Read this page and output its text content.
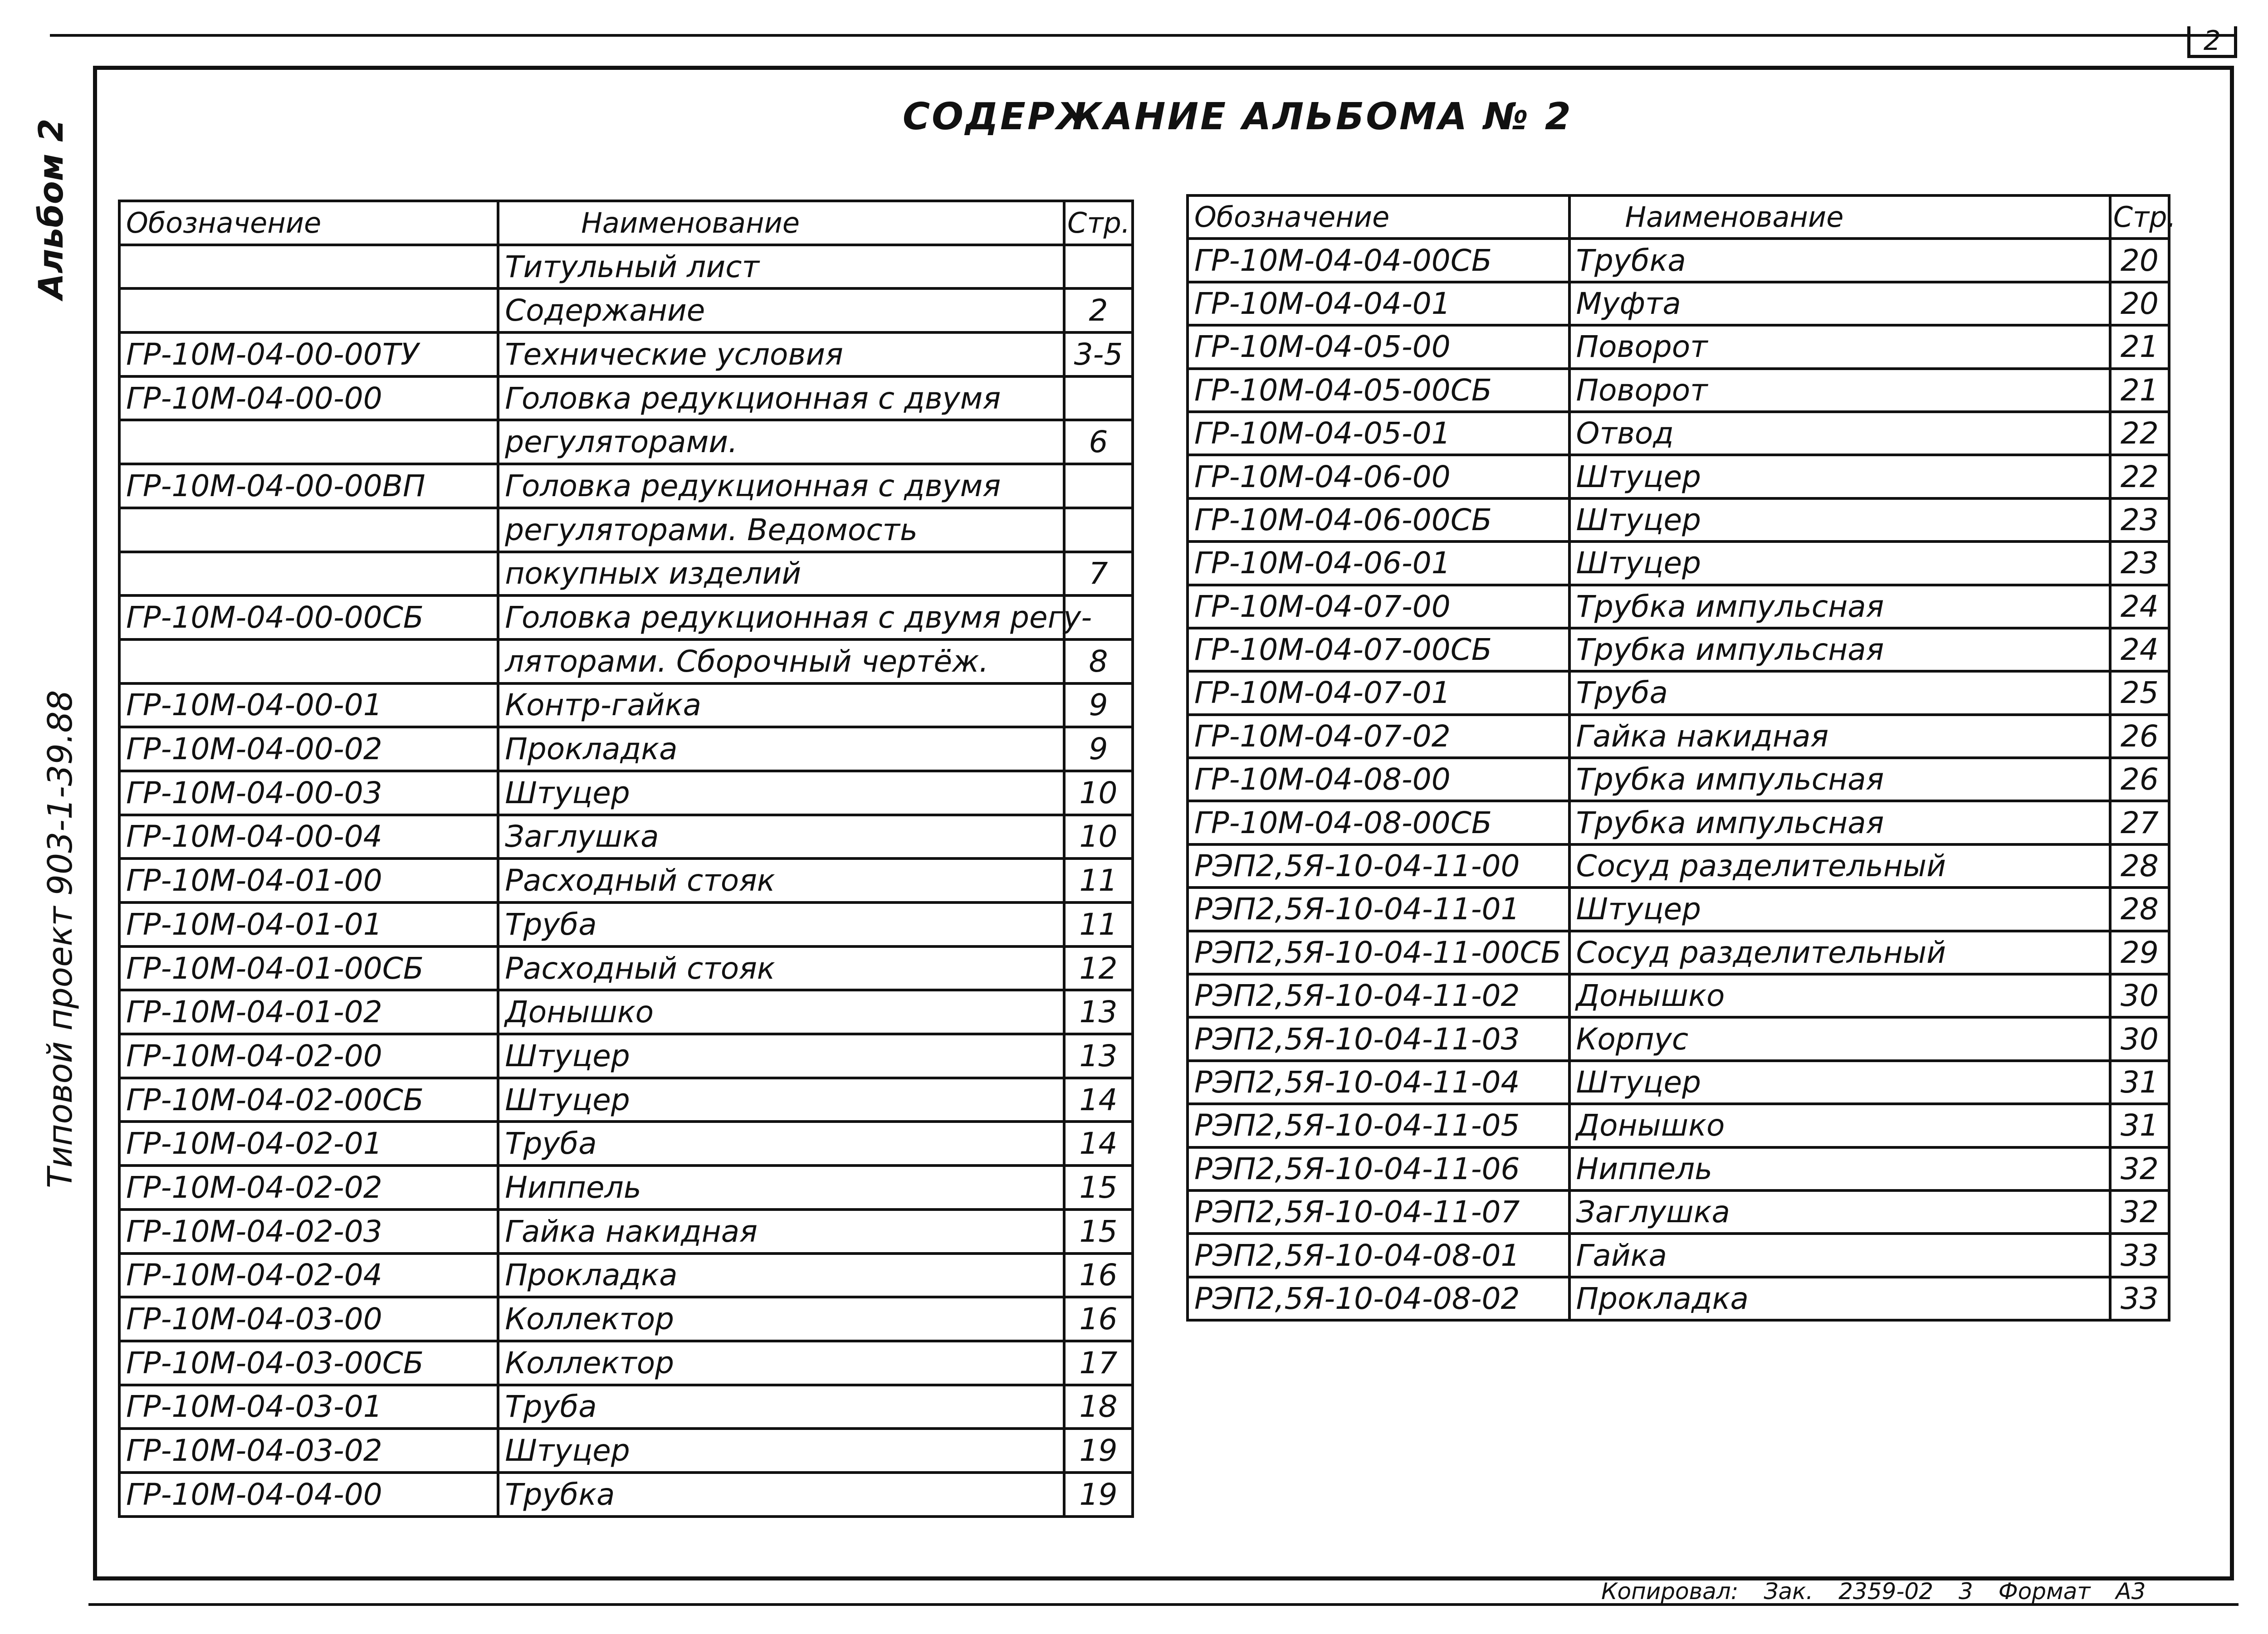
2
Альбом 2
Типовой проект 903-1-39.88
СОДЕРЖАНИЕ АЛЬБОМА № 2
Обозначение	Наименование	Стр.
	Титульный лист	
	Содержание	2
ГР-10М-04-00-00ТУ	Технические условия	3-5
ГР-10М-04-00-00	Головка редукционная с двумя	
	регуляторами.	6
ГР-10М-04-00-00ВП	Головка редукционная с двумя	
	регуляторами. Ведомость	
	покупных изделий	7
ГР-10М-04-00-00СБ	Головка редукционная с двумя регу-	
	ляторами. Сборочный чертёж.	8
ГР-10М-04-00-01	Контр-гайка	9
ГР-10М-04-00-02	Прокладка	9
ГР-10М-04-00-03	Штуцер	10
ГР-10М-04-00-04	Заглушка	10
ГР-10М-04-01-00	Расходный стояк	11
ГР-10М-04-01-01	Труба	11
ГР-10М-04-01-00СБ	Расходный стояк	12
ГР-10М-04-01-02	Донышко	13
ГР-10М-04-02-00	Штуцер	13
ГР-10М-04-02-00СБ	Штуцер	14
ГР-10М-04-02-01	Труба	14
ГР-10М-04-02-02	Ниппель	15
ГР-10М-04-02-03	Гайка накидная	15
ГР-10М-04-02-04	Прокладка	16
ГР-10М-04-03-00	Коллектор	16
ГР-10М-04-03-00СБ	Коллектор	17
ГР-10М-04-03-01	Труба	18
ГР-10М-04-03-02	Штуцер	19
ГР-10М-04-04-00	Трубка	19
Обозначение	Наименование	Стр.
ГР-10М-04-04-00СБ	Трубка	20
ГР-10М-04-04-01	Муфта	20
ГР-10М-04-05-00	Поворот	21
ГР-10М-04-05-00СБ	Поворот	21
ГР-10М-04-05-01	Отвод	22
ГР-10М-04-06-00	Штуцер	22
ГР-10М-04-06-00СБ	Штуцер	23
ГР-10М-04-06-01	Штуцер	23
ГР-10М-04-07-00	Трубка импульсная	24
ГР-10М-04-07-00СБ	Трубка импульсная	24
ГР-10М-04-07-01	Труба	25
ГР-10М-04-07-02	Гайка накидная	26
ГР-10М-04-08-00	Трубка импульсная	26
ГР-10М-04-08-00СБ	Трубка импульсная	27
РЭП2,5Я-10-04-11-00	Сосуд разделительный	28
РЭП2,5Я-10-04-11-01	Штуцер	28
РЭП2,5Я-10-04-11-00СБ	Сосуд разделительный	29
РЭП2,5Я-10-04-11-02	Донышко	30
РЭП2,5Я-10-04-11-03	Корпус	30
РЭП2,5Я-10-04-11-04	Штуцер	31
РЭП2,5Я-10-04-11-05	Донышко	31
РЭП2,5Я-10-04-11-06	Ниппель	32
РЭП2,5Я-10-04-11-07	Заглушка	32
РЭП2,5Я-10-04-08-01	Гайка	33
РЭП2,5Я-10-04-08-02	Прокладка	33
Копировал: Зак. 2359-02 3 Формат А3
